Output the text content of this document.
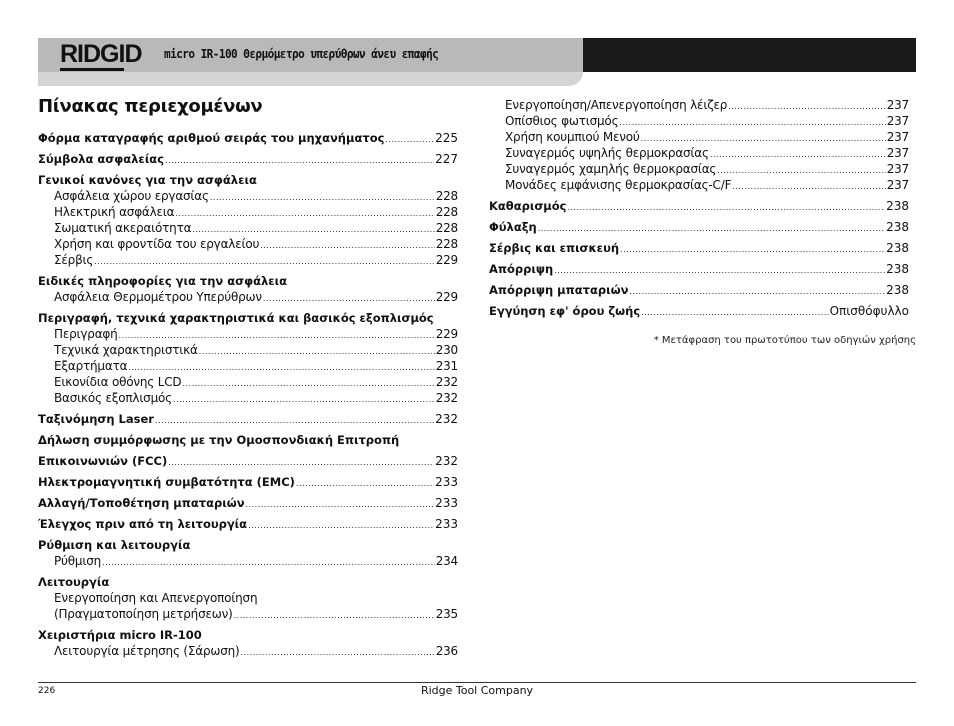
RIDGID micro IR-100 Θερμόμετρο υπερύθρων άνευ επαφής
Πίνακας περιεχομένων
Φόρμα καταγραφής αριθμού σειράς του μηχανήματος .....	225
Σύμβολα ασφαλείας .....	227
Γενικοί κανόνες για την ασφάλεια
Ασφάλεια χώρου εργασίας .....	228
Ηλεκτρική ασφάλεια .....	228
Σωματική ακεραιότητα .....	228
Χρήση και φροντίδα του εργαλείου .....	228
Σέρβις .....	229
Ειδικές πληροφορίες για την ασφάλεια
Ασφάλεια Θερμομέτρου Υπερύθρων .....	229
Περιγραφή, τεχνικά χαρακτηριστικά και βασικός εξοπλισμός
Περιγραφή .....	229
Τεχνικά χαρακτηριστικά .....	230
Εξαρτήματα .....	231
Εικονίδια οθόνης LCD .....	232
Βασικός εξοπλισμός .....	232
Ταξινόμηση Laser .....	232
Δήλωση συμμόρφωσης με την Ομοσπονδιακή Επιτροπή
Επικοινωνιών (FCC) .....	232
Ηλεκτρομαγνητική συμβατότητα (EMC) .....	233
Αλλαγή/Τοποθέτηση μπαταριών .....	233
Έλεγχος πριν από τη λειτουργία .....	233
Ρύθμιση και λειτουργία
Ρύθμιση .....	234
Λειτουργία
Ενεργοποίηση και Απενεργοποίηση
(Πραγματοποίηση μετρήσεων) .....	235
Χειριστήρια micro IR-100
Λειτουργία μέτρησης (Σάρωση) .....	236
Ενεργοποίηση/Απενεργοποίηση λέιζερ .....	237
Οπίσθιος φωτισμός .....	237
Χρήση κουμπιού Μενού .....	237
Συναγερμός υψηλής θερμοκρασίας .....	237
Συναγερμός χαμηλής θερμοκρασίας .....	237
Μονάδες εμφάνισης θερμοκρασίας-C/F .....	237
Καθαρισμός .....	238
Φύλαξη .....	238
Σέρβις και επισκευή .....	238
Απόρριψη .....	238
Απόρριψη μπαταριών .....	238
Εγγύηση εφ' όρου ζωής .....	Οπισθόφυλλο
* Μετάφραση του πρωτοτύπου των οδηγιών χρήσης
226	Ridge Tool Company
